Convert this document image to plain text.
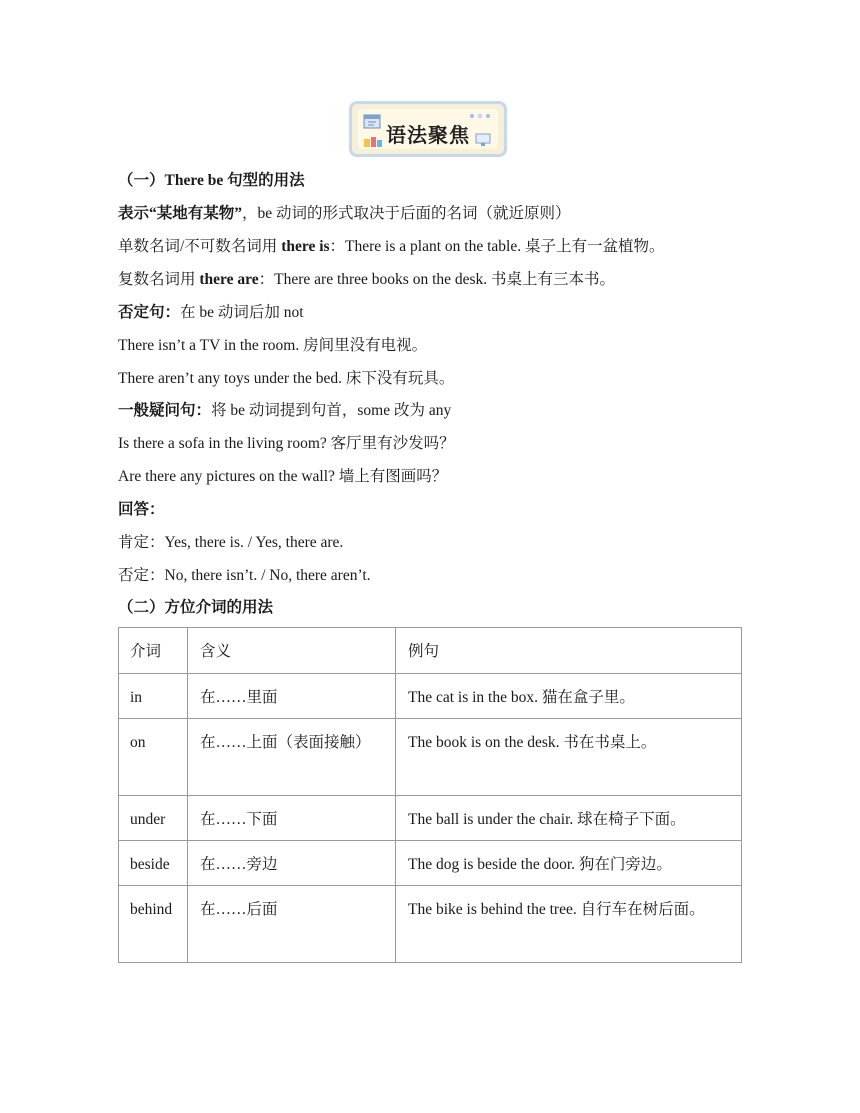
语法聚焦
（一）There be 句型的用法
表示“某地有某物”，be 动词的形式取决于后面的名词（就近原则）
单数名词/不可数名词用 there is：There is a plant on the table. 桌子上有一盆植物。
复数名词用 there are：There are three books on the desk. 书桌上有三本书。
否定句：在 be 动词后加 not
There isn’t a TV in the room. 房间里没有电视。
There aren’t any toys under the bed. 床下没有玩具。
一般疑问句：将 be 动词提到句首，some 改为 any
Is there a sofa in the living room? 客厅里有沙发吗？
Are there any pictures on the wall? 墙上有图画吗？
回答：
肯定：Yes, there is. / Yes, there are.
否定：No, there isn’t. / No, there aren’t.
（二）方位介词的用法
介词	含义	例句
in	在……里面	The cat is in the box. 猫在盒子里。
on	在……上面（表面接触）	The book is on the desk. 书在书桌上。
under	在……下面	The ball is under the chair. 球在椅子下面。
beside	在……旁边	The dog is beside the door. 狗在门旁边。
behind	在……后面	The bike is behind the tree. 自行车在树后面。
